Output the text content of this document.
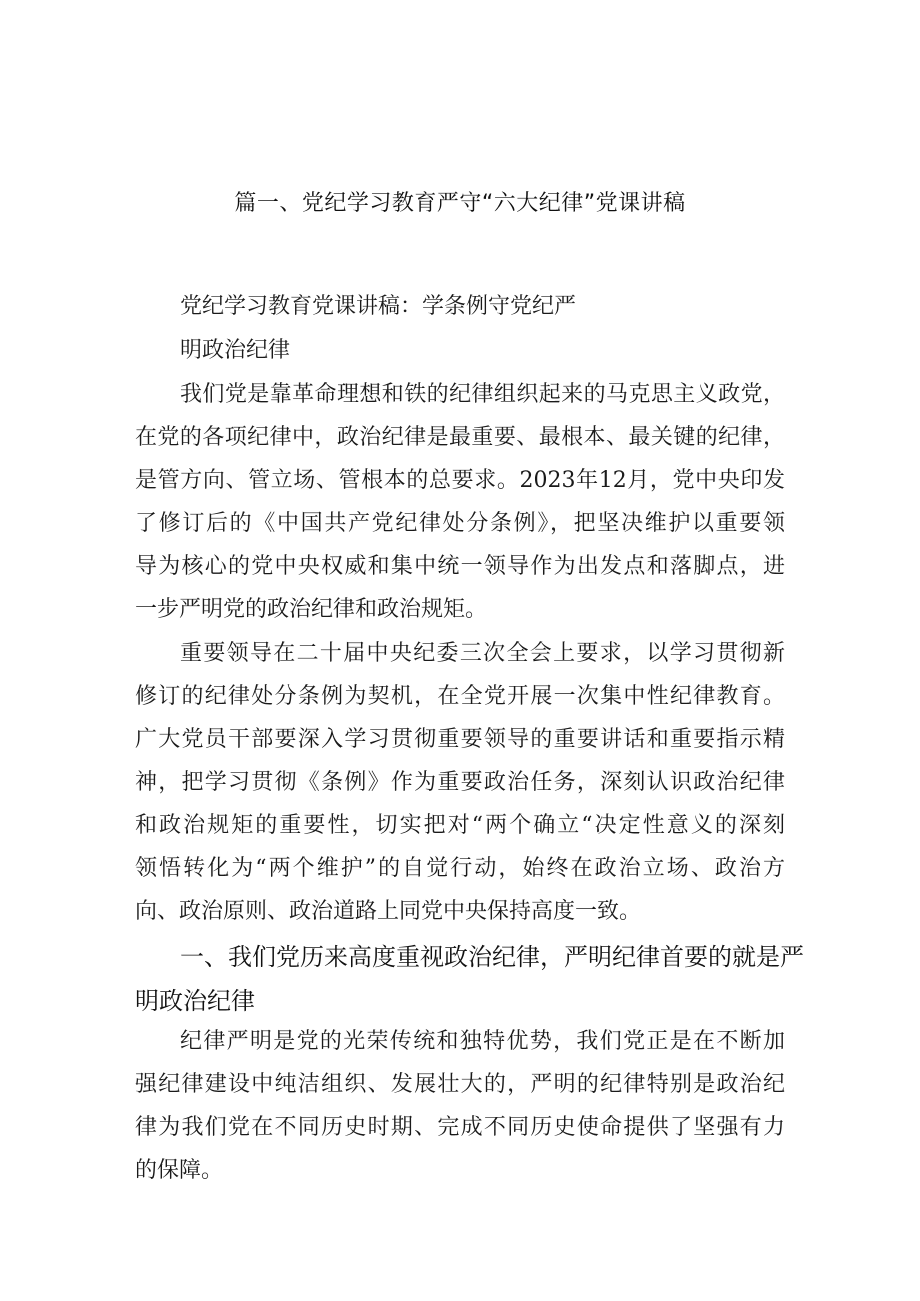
篇一、党纪学习教育严守“六大纪律”党课讲稿
党纪学习教育党课讲稿：学条例守党纪严
明政治纪律
我们党是靠革命理想和铁的纪律组织起来的马克思主义政党，
在党的各项纪律中，政治纪律是最重要、最根本、最关键的纪律，
是管方向、管立场、管根本的总要求。2023年12月，党中央印发
了修订后的《中国共产党纪律处分条例》，把坚决维护以重要领
导为核心的党中央权威和集中统一领导作为出发点和落脚点，进
一步严明党的政治纪律和政治规矩。
重要领导在二十届中央纪委三次全会上要求，以学习贯彻新
修订的纪律处分条例为契机，在全党开展一次集中性纪律教育。
广大党员干部要深入学习贯彻重要领导的重要讲话和重要指示精
神，把学习贯彻《条例》作为重要政治任务，深刻认识政治纪律
和政治规矩的重要性，切实把对“两个确立“决定性意义的深刻
领悟转化为“两个维护”的自觉行动，始终在政治立场、政治方
向、政治原则、政治道路上同党中央保持高度一致。
一、我们党历来高度重视政治纪律，严明纪律首要的就是严
明政治纪律
纪律严明是党的光荣传统和独特优势，我们党正是在不断加
强纪律建设中纯洁组织、发展壮大的，严明的纪律特别是政治纪
律为我们党在不同历史时期、完成不同历史使命提供了坚强有力
的保障。
